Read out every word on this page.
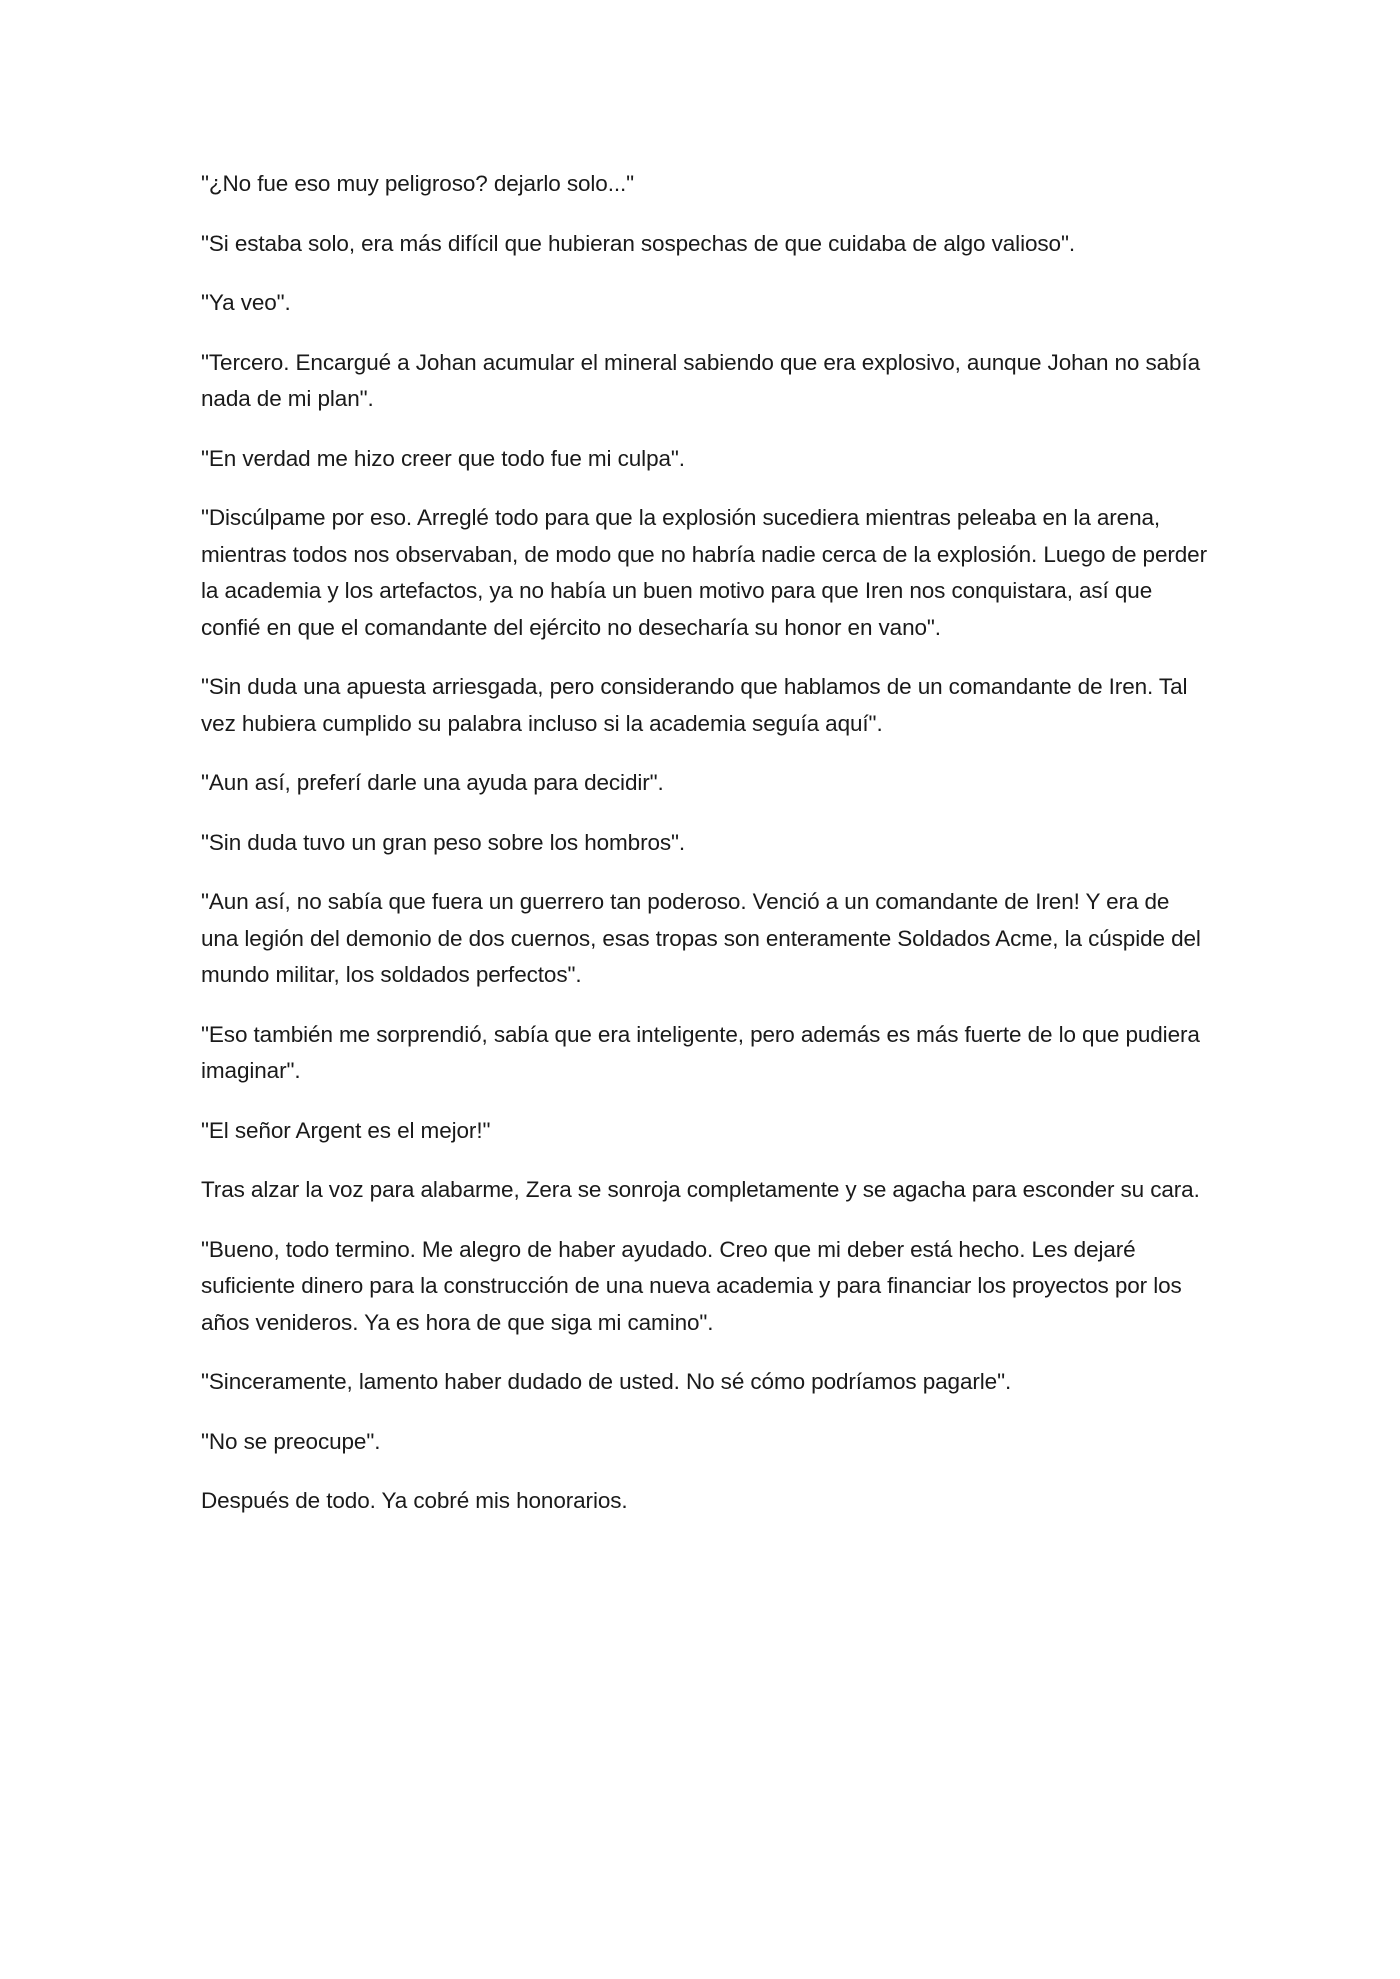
"¿No fue eso muy peligroso? dejarlo solo..."

"Si estaba solo, era más difícil que hubieran sospechas de que cuidaba de algo valioso".

"Ya veo".

"Tercero. Encargué a Johan acumular el mineral sabiendo que era explosivo, aunque Johan no sabía nada de mi plan".

"En verdad me hizo creer que todo fue mi culpa".

"Discúlpame por eso. Arreglé todo para que la explosión sucediera mientras peleaba en la arena, mientras todos nos observaban, de modo que no habría nadie cerca de la explosión. Luego de perder la academia y los artefactos, ya no había un buen motivo para que Iren nos conquistara, así que confié en que el comandante del ejército no desecharía su honor en vano".

"Sin duda una apuesta arriesgada, pero considerando que hablamos de un comandante de Iren. Tal vez hubiera cumplido su palabra incluso si la academia seguía aquí".

"Aun así, preferí darle una ayuda para decidir".

"Sin duda tuvo un gran peso sobre los hombros".

"Aun así, no sabía que fuera un guerrero tan poderoso. Venció a un comandante de Iren! Y era de una legión del demonio de dos cuernos, esas tropas son enteramente Soldados Acme, la cúspide del mundo militar, los soldados perfectos".

"Eso también me sorprendió, sabía que era inteligente, pero además es más fuerte de lo que pudiera imaginar".

"El señor Argent es el mejor!"

Tras alzar la voz para alabarme, Zera se sonroja completamente y se agacha para esconder su cara.

"Bueno, todo termino. Me alegro de haber ayudado. Creo que mi deber está hecho. Les dejaré suficiente dinero para la construcción de una nueva academia y para financiar los proyectos por los años venideros. Ya es hora de que siga mi camino".

"Sinceramente, lamento haber dudado de usted. No sé cómo podríamos pagarle".

"No se preocupe".

Después de todo. Ya cobré mis honorarios.
